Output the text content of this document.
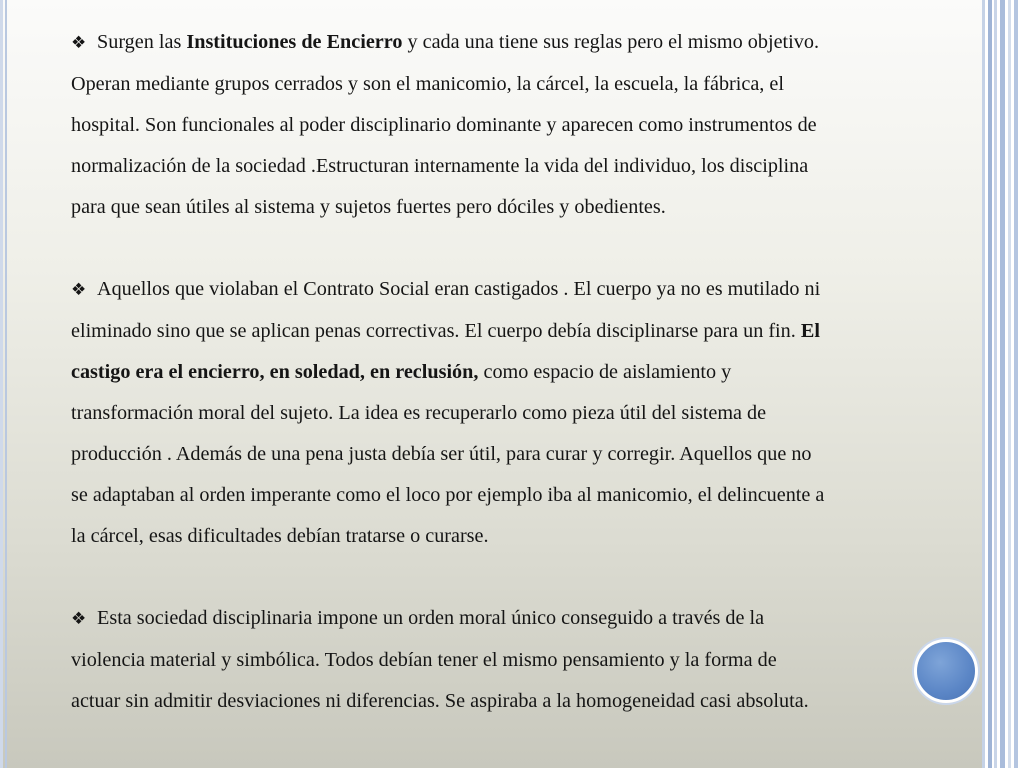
❖ Surgen las Instituciones de Encierro y cada una tiene sus reglas pero el mismo objetivo.
Operan mediante grupos cerrados y son el manicomio, la cárcel, la escuela, la fábrica, el
hospital. Son funcionales al poder disciplinario dominante y aparecen como instrumentos de
normalización de la sociedad .Estructuran internamente la vida del individuo, los disciplina
para que sean útiles al sistema y sujetos fuertes pero dóciles y obedientes.
❖ Aquellos que violaban el Contrato Social eran castigados . El cuerpo ya no es mutilado ni
eliminado sino que se aplican penas correctivas. El cuerpo debía disciplinarse para un fin. El
castigo era el encierro, en soledad, en reclusión, como espacio de aislamiento y
transformación moral del sujeto. La idea es recuperarlo como pieza útil del sistema de
producción . Además de una pena justa debía ser útil, para curar y corregir. Aquellos que no
se adaptaban al orden imperante como el loco por ejemplo iba al manicomio, el delincuente a
la cárcel, esas dificultades debían tratarse o curarse.
❖ Esta sociedad disciplinaria impone un orden moral único conseguido a través de la
violencia material y simbólica. Todos debían tener el mismo pensamiento y la forma de
actuar sin admitir desviaciones ni diferencias. Se aspiraba a la homogeneidad casi absoluta.
